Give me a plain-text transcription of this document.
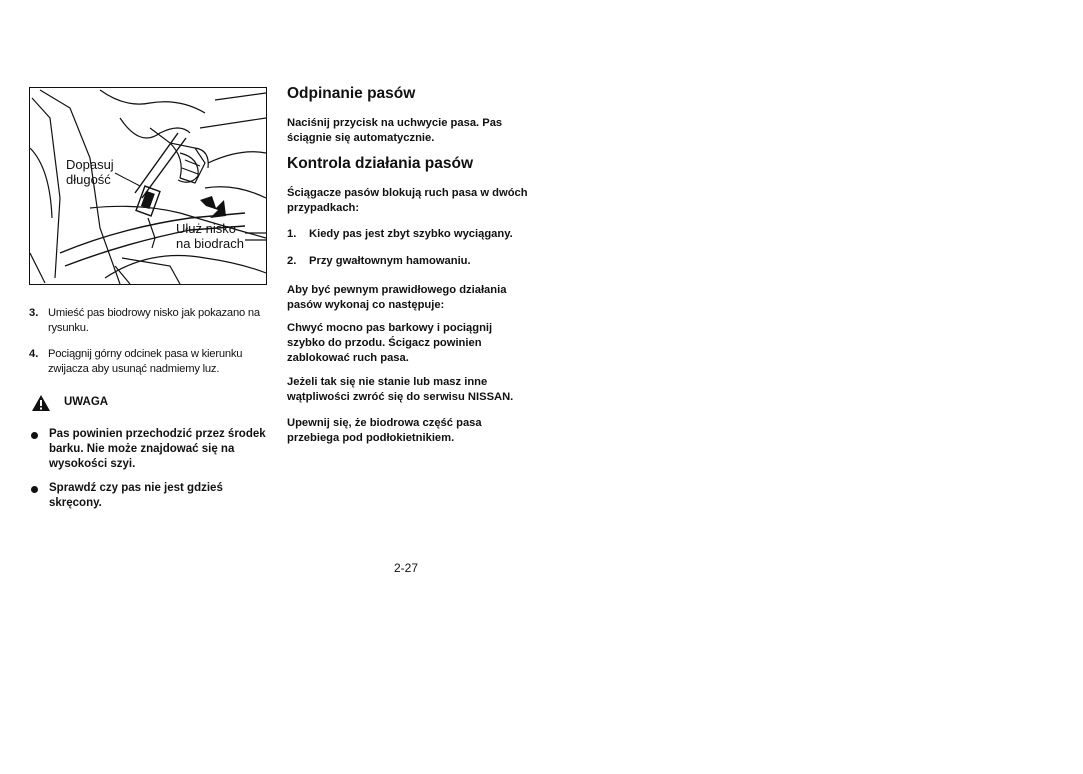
Dopasuj
długość
Ułuż nisko
na biodrach
3. Umieść pas biodrowy nisko jak pokazano na rysunku.
4. Pociągnij górny odcinek pasa w kierunku zwijacza aby usunąć nadmiemy luz.
UWAGA
Pas powinien przechodzić przez środek barku. Nie może znajdować się na wysokości szyi.
Sprawdź czy pas nie jest gdzieś skręcony.
Odpinanie pasów
Naciśnij przycisk na uchwycie pasa. Pas ściągnie się automatycznie.
Kontrola działania pasów
Ściągacze pasów blokują ruch pasa w dwóch przypadkach:
1. Kiedy pas jest zbyt szybko wyciągany.
2. Przy gwałtownym hamowaniu.
Aby być pewnym prawidłowego działania pasów wykonaj co następuje:
Chwyć mocno pas barkowy i pociągnij szybko do przodu. Ścigacz powinien zablokować ruch pasa.
Jeżeli tak się nie stanie lub masz inne wątpliwości zwróć się do serwisu NISSAN.
Upewnij się, że biodrowa część pasa przebiega pod podłokietnikiem.
2-27
